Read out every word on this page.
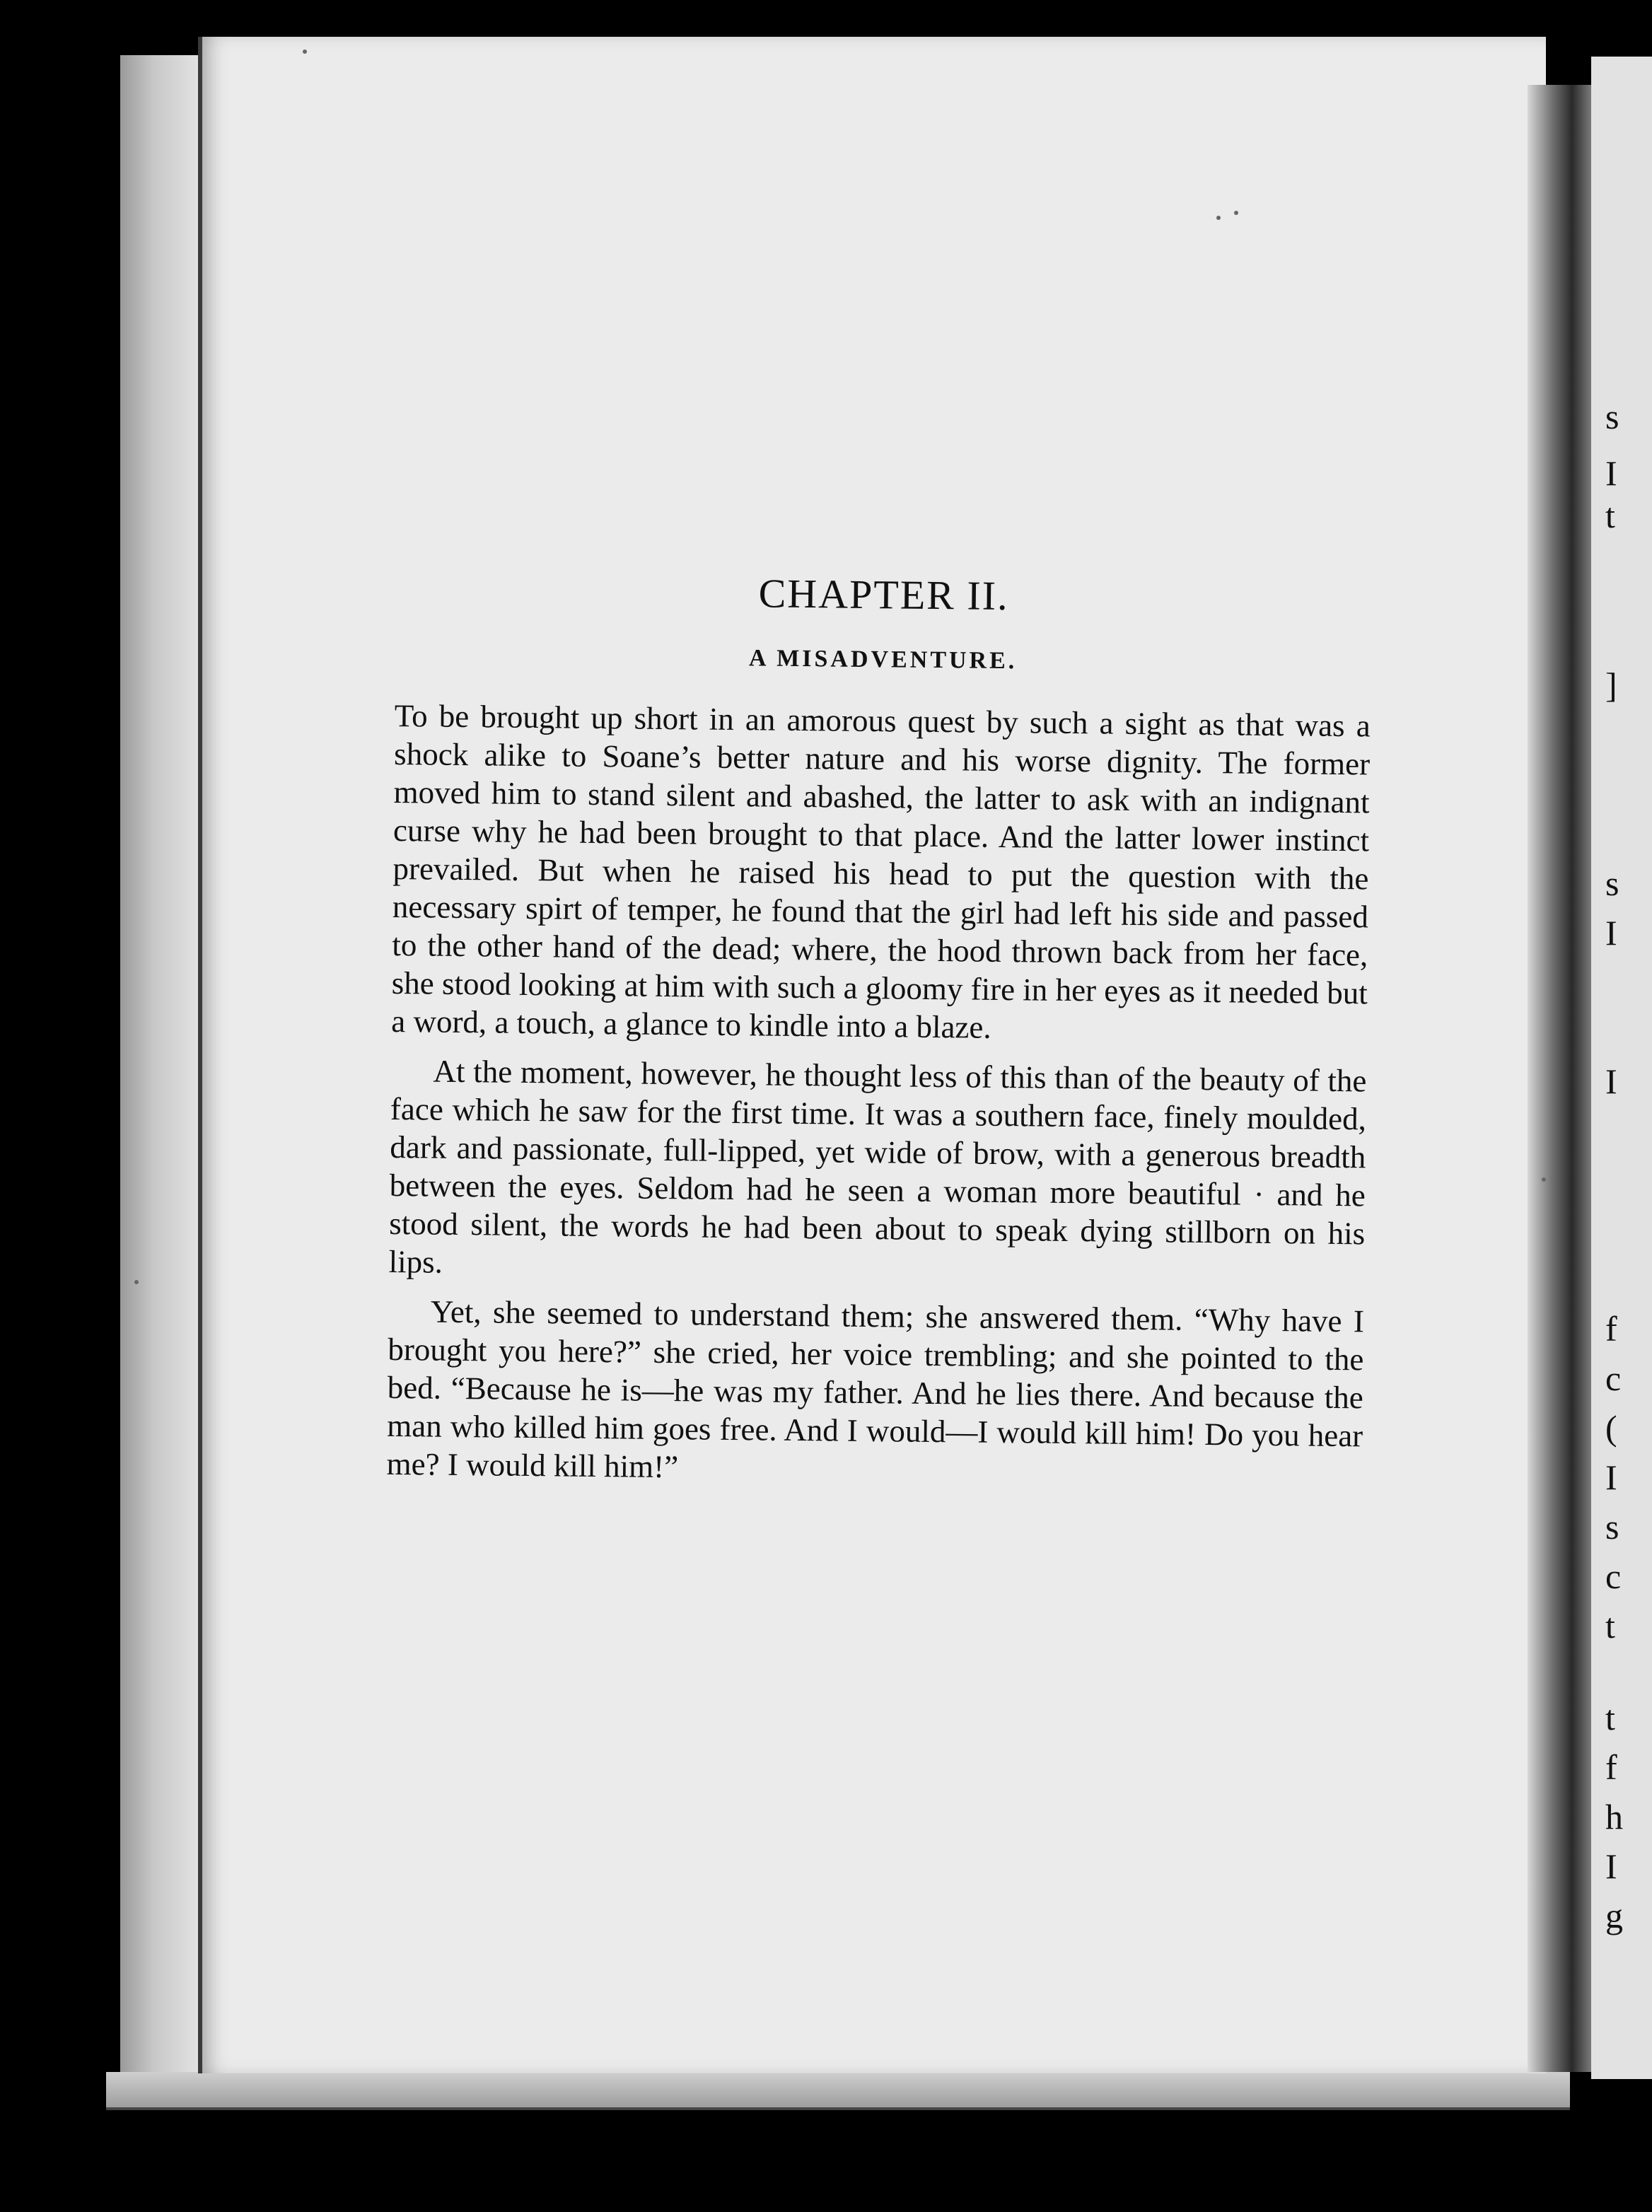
s
I
t
]
s
I
I
f
c
(
I
s
c
t
t
f
h
I
g
CHAPTER II.
A MISADVENTURE.

To be brought up short in an amorous quest by such a sight as that was a shock alike to Soane’s better nature and his worse dignity. The former moved him to stand silent and abashed, the latter to ask with an indignant curse why he had been brought to that place. And the latter lower instinct prevailed. But when he raised his head to put the question with the necessary spirt of temper, he found that the girl had left his side and passed to the other hand of the dead; where, the hood thrown back from her face, she stood looking at him with such a gloomy fire in her eyes as it needed but a word, a touch, a glance to kindle into a blaze.

At the moment, however, he thought less of this than of the beauty of the face which he saw for the first time. It was a southern face, finely moulded, dark and passionate, full-lipped, yet wide of brow, with a generous breadth between the eyes. Seldom had he seen a woman more beautiful · and he stood silent, the words he had been about to speak dying stillborn on his lips.

Yet, she seemed to understand them; she answered them. “Why have I brought you here?” she cried, her voice trembling; and she pointed to the bed. “Because he is—he was my father. And he lies there. And because the man who killed him goes free. And I would—I would kill him! Do you hear me? I would kill him!”
